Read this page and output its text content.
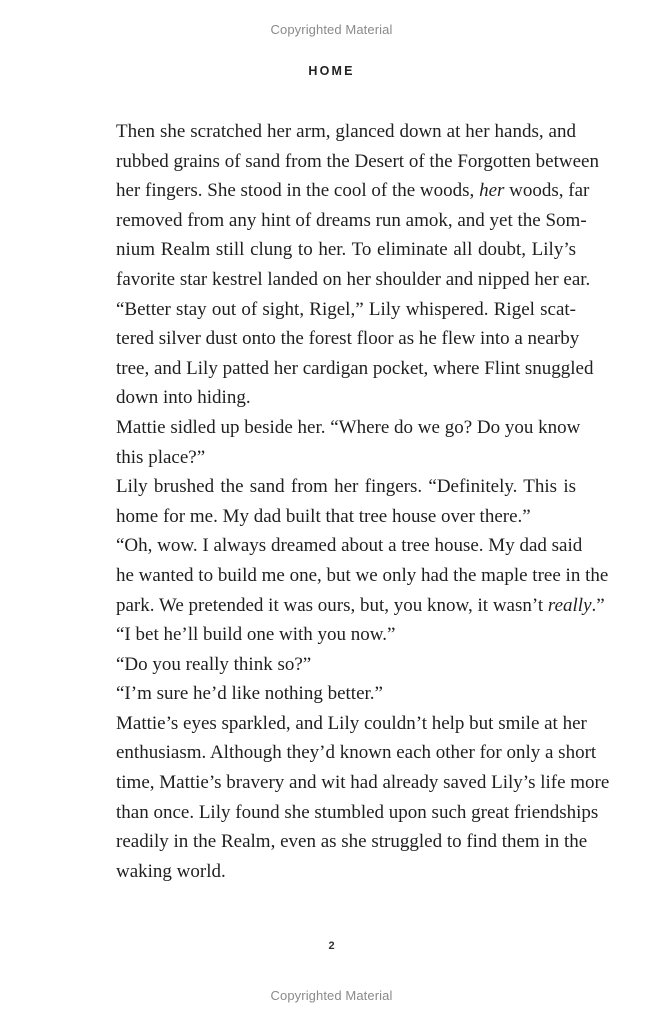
Copyrighted Material
HOME
Then she scratched her arm, glanced down at her hands, and
rubbed grains of sand from the Desert of the Forgotten between
her fingers. She stood in the cool of the woods, her woods, far
removed from any hint of dreams run amok, and yet the Som-
nium Realm still clung to her. To eliminate all doubt, Lily’s
favorite star kestrel landed on her shoulder and nipped her ear.
“Better stay out of sight, Rigel,” Lily whispered. Rigel scat-
tered silver dust onto the forest floor as he flew into a nearby
tree, and Lily patted her cardigan pocket, where Flint snuggled
down into hiding.
Mattie sidled up beside her. “Where do we go? Do you know
this place?”
Lily brushed the sand from her fingers. “Definitely. This is
home for me. My dad built that tree house over there.”
“Oh, wow. I always dreamed about a tree house. My dad said
he wanted to build me one, but we only had the maple tree in the
park. We pretended it was ours, but, you know, it wasn’t really.”
“I bet he’ll build one with you now.”
“Do you really think so?”
“I’m sure he’d like nothing better.”
Mattie’s eyes sparkled, and Lily couldn’t help but smile at her
enthusiasm. Although they’d known each other for only a short
time, Mattie’s bravery and wit had already saved Lily’s life more
than once. Lily found she stumbled upon such great friendships
readily in the Realm, even as she struggled to find them in the
waking world.
2
Copyrighted Material
